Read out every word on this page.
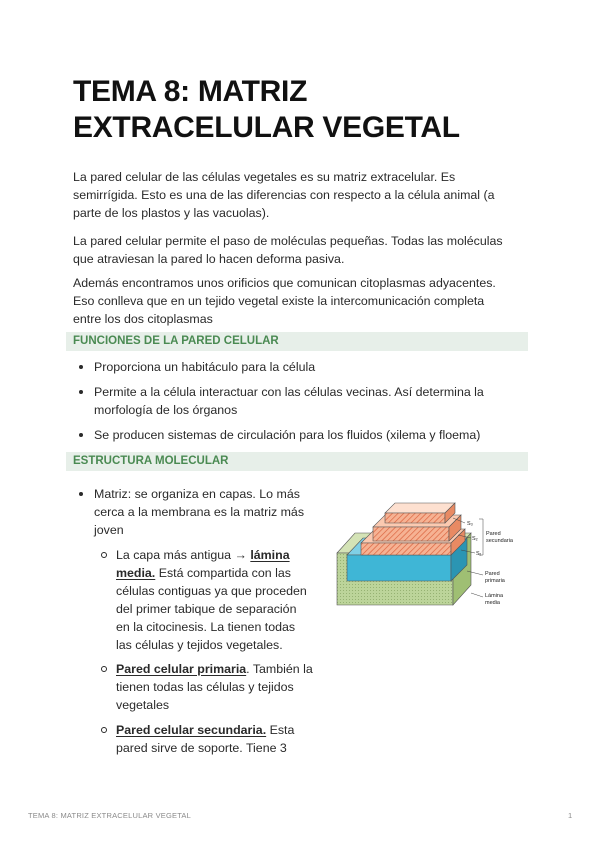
TEMA 8: MATRIZ
EXTRACELULAR VEGETAL

La pared celular de las células vegetales es su matriz extracelular. Es
semirrígida. Esto es una de las diferencias con respecto a la célula animal (a
parte de los plastos y las vacuolas).

La pared celular permite el paso de moléculas pequeñas. Todas las moléculas
que atraviesan la pared lo hacen deforma pasiva.

Además encontramos unos orificios que comunican citoplasmas adyacentes.
Eso conlleva que en un tejido vegetal existe la intercomunicación completa
entre los dos citoplasmas

FUNCIONES DE LA PARED CELULAR
Proporciona un habitáculo para la célula
Permite a la célula interactuar con las células vecinas. Así determina la
morfología de los órganos
Se producen sistemas de circulación para los fluidos (xilema y floema)
ESTRUCTURA MOLECULAR
Matriz: se organiza en capas. Lo más
cerca a la membrana es la matriz más
joven
La capa más antigua → lámina
media. Está compartida con las
células contiguas ya que proceden
del primer tabique de separación
en la citocinesis. La tienen todas
las células y tejidos vegetales.
Pared celular primaria. También la
tienen todas las células y tejidos
vegetales
Pared celular secundaria. Esta
pared sirve de soporte. Tiene 3
S₃
S₂
S₁
Pared
secundaria
Pared
primaria
Lámina
media
TEMA 8: MATRIZ EXTRACELULAR VEGETAL	1
